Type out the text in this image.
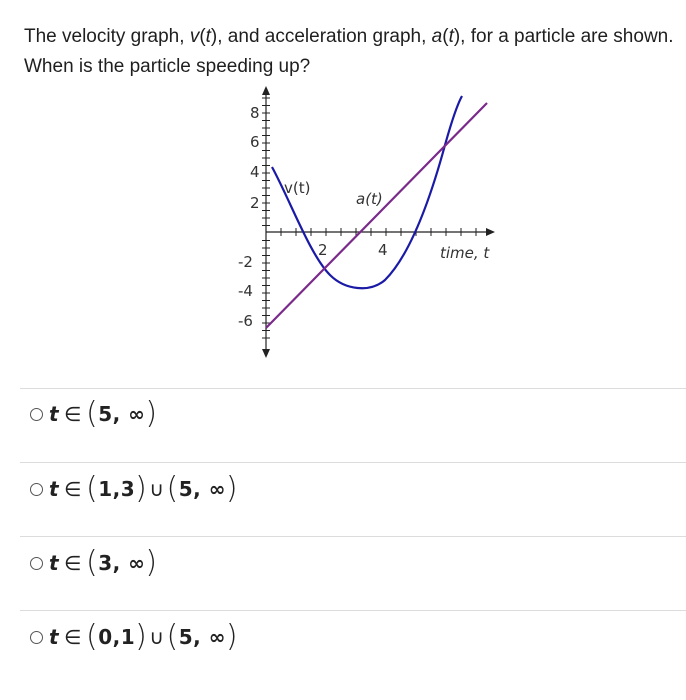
The velocity graph, v(t), and acceleration graph, a(t), for a particle are shown. When is the particle speeding up?
8
6
4
2
-2
-4
-6
2	4	time, t
v(t)
a(t)
t ∈ ( 5, ∞ )
t ∈ ( 1,3 ) ∪ ( 5, ∞ )
t ∈ ( 3, ∞ )
t ∈ ( 0,1 ) ∪ ( 5, ∞ )
